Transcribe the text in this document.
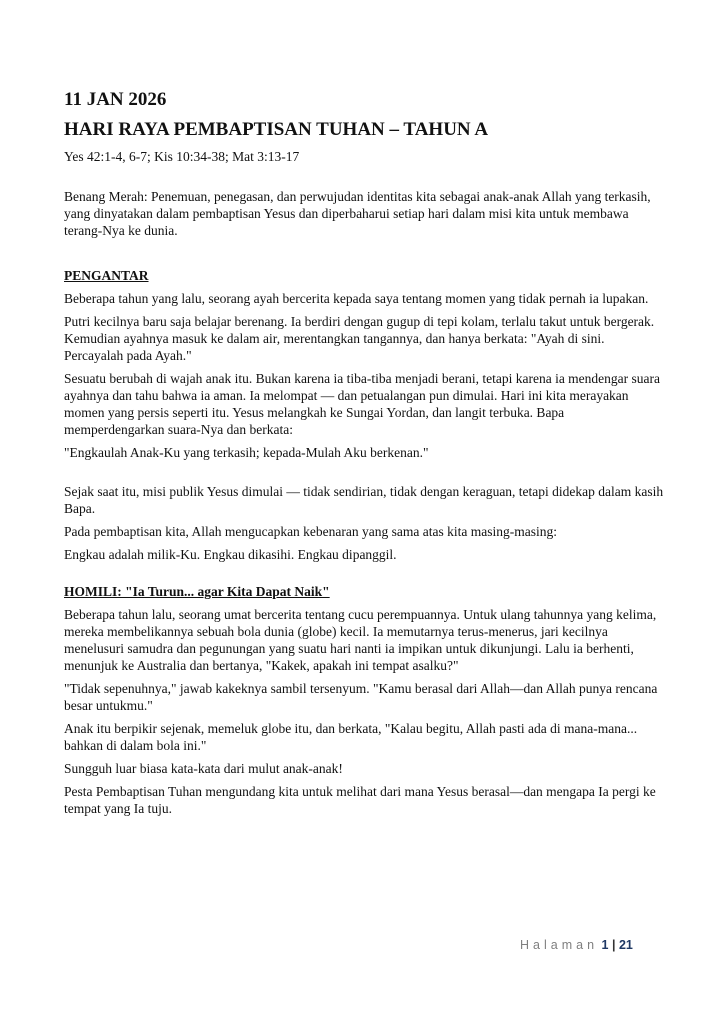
11 JAN 2026
HARI RAYA PEMBAPTISAN TUHAN – TAHUN A
Yes 42:1-4, 6-7; Kis 10:34-38; Mat 3:13-17

Benang Merah: Penemuan, penegasan, dan perwujudan identitas kita sebagai anak-anak Allah yang terkasih, yang dinyatakan dalam pembaptisan Yesus dan diperbaharui setiap hari dalam misi kita untuk membawa terang-Nya ke dunia.

PENGANTAR

Beberapa tahun yang lalu, seorang ayah bercerita kepada saya tentang momen yang tidak pernah ia lupakan.

Putri kecilnya baru saja belajar berenang. Ia berdiri dengan gugup di tepi kolam, terlalu takut untuk bergerak. Kemudian ayahnya masuk ke dalam air, merentangkan tangannya, dan hanya berkata: "Ayah di sini. Percayalah pada Ayah."

Sesuatu berubah di wajah anak itu. Bukan karena ia tiba-tiba menjadi berani, tetapi karena ia mendengar suara ayahnya dan tahu bahwa ia aman. Ia melompat — dan petualangan pun dimulai. Hari ini kita merayakan momen yang persis seperti itu. Yesus melangkah ke Sungai Yordan, dan langit terbuka. Bapa memperdengarkan suara-Nya dan berkata:

"Engkaulah Anak-Ku yang terkasih; kepada-Mulah Aku berkenan."

Sejak saat itu, misi publik Yesus dimulai — tidak sendirian, tidak dengan keraguan, tetapi didekap dalam kasih Bapa.

Pada pembaptisan kita, Allah mengucapkan kebenaran yang sama atas kita masing-masing:

Engkau adalah milik-Ku. Engkau dikasihi. Engkau dipanggil.

HOMILI: "Ia Turun... agar Kita Dapat Naik"

Beberapa tahun lalu, seorang umat bercerita tentang cucu perempuannya. Untuk ulang tahunnya yang kelima, mereka membelikannya sebuah bola dunia (globe) kecil. Ia memutarnya terus-menerus, jari kecilnya menelusuri samudra dan pegunungan yang suatu hari nanti ia impikan untuk dikunjungi. Lalu ia berhenti, menunjuk ke Australia dan bertanya, "Kakek, apakah ini tempat asalku?"

"Tidak sepenuhnya," jawab kakeknya sambil tersenyum. "Kamu berasal dari Allah—dan Allah punya rencana besar untukmu."

Anak itu berpikir sejenak, memeluk globe itu, dan berkata, "Kalau begitu, Allah pasti ada di mana-mana... bahkan di dalam bola ini."

Sungguh luar biasa kata-kata dari mulut anak-anak!

Pesta Pembaptisan Tuhan mengundang kita untuk melihat dari mana Yesus berasal—dan mengapa Ia pergi ke tempat yang Ia tuju.

Halaman 1 | 21
